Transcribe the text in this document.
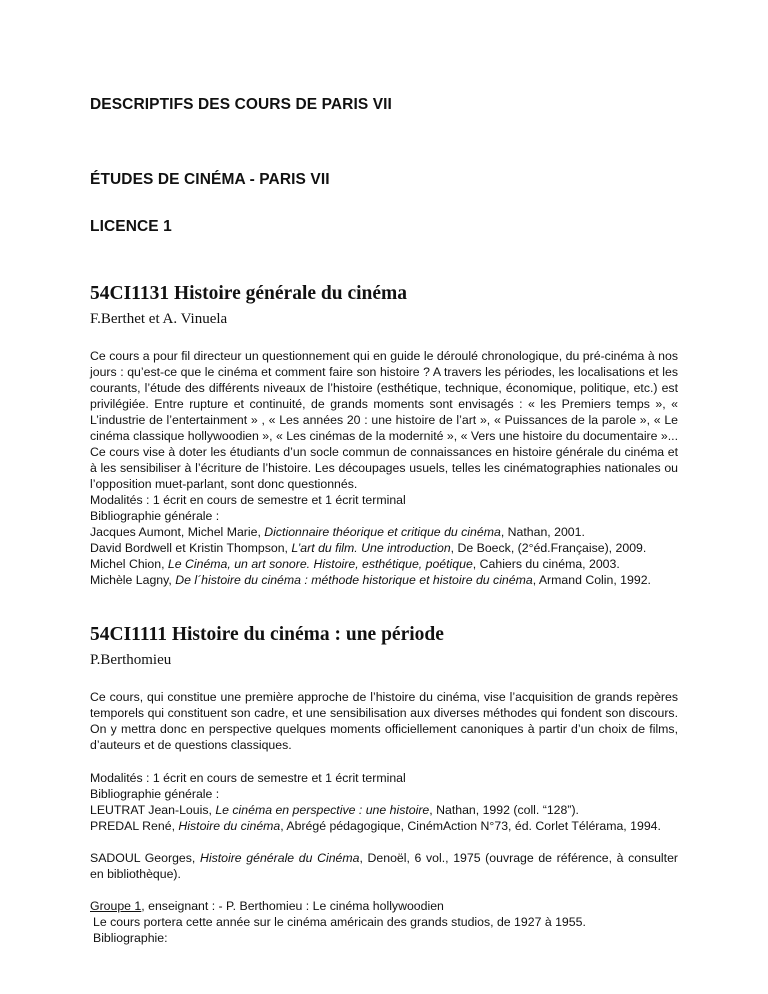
DESCRIPTIFS DES COURS DE PARIS VII
ÉTUDES DE CINÉMA - PARIS VII
LICENCE 1
54CI1131 Histoire générale du cinéma

F.Berthet et A. Vinuela

Ce cours a pour fil directeur un questionnement qui en guide le déroulé chronologique, du pré-cinéma à nos jours : qu’est-ce que le cinéma et comment faire son histoire ? A travers les périodes, les localisations et les courants, l’étude des différents niveaux de l’histoire (esthétique, technique, économique, politique, etc.) est privilégiée. Entre rupture et continuité, de grands moments sont envisagés : « les Premiers temps », « L’industrie de l’entertainment » , « Les années 20 : une histoire de l’art », « Puissances de la parole », « Le cinéma classique hollywoodien », « Les cinémas de la modernité », « Vers une histoire du documentaire »... Ce cours vise à doter les étudiants d’un socle commun de connaissances en histoire générale du cinéma et à les sensibiliser à l’écriture de l’histoire. Les découpages usuels, telles les cinématographies nationales ou l’opposition muet-parlant, sont donc questionnés.

Modalités : 1 écrit en cours de semestre et 1 écrit terminal

Bibliographie générale :

Jacques Aumont, Michel Marie, Dictionnaire théorique et critique du cinéma, Nathan, 2001.

David Bordwell et Kristin Thompson, L’art du film. Une introduction, De Boeck, (2°éd.Française), 2009.

Michel Chion, Le Cinéma, un art sonore. Histoire, esthétique, poétique, Cahiers du cinéma, 2003.

Michèle Lagny, De l´histoire du cinéma : méthode historique et histoire du cinéma, Armand Colin, 1992.

54CI1111 Histoire du cinéma : une période

P.Berthomieu

Ce cours, qui constitue une première approche de l’histoire du cinéma, vise l’acquisition de grands repères temporels qui constituent son cadre, et une sensibilisation aux diverses méthodes qui fondent son discours. On y mettra donc en perspective quelques moments officiellement canoniques à partir d’un choix de films, d’auteurs et de questions classiques.

Modalités : 1 écrit en cours de semestre et 1 écrit terminal

Bibliographie générale :

LEUTRAT Jean-Louis, Le cinéma en perspective : une histoire, Nathan, 1992 (coll. “128”).

PREDAL René, Histoire du cinéma, Abrégé pédagogique, CinémAction N°73, éd. Corlet Télérama, 1994.

SADOUL Georges, Histoire générale du Cinéma, Denoël, 6 vol., 1975 (ouvrage de référence, à consulter en bibliothèque).

Groupe 1, enseignant : - P. Berthomieu : Le cinéma hollywoodien

Le cours portera cette année sur le cinéma américain des grands studios, de 1927 à 1955.

Bibliographie:
